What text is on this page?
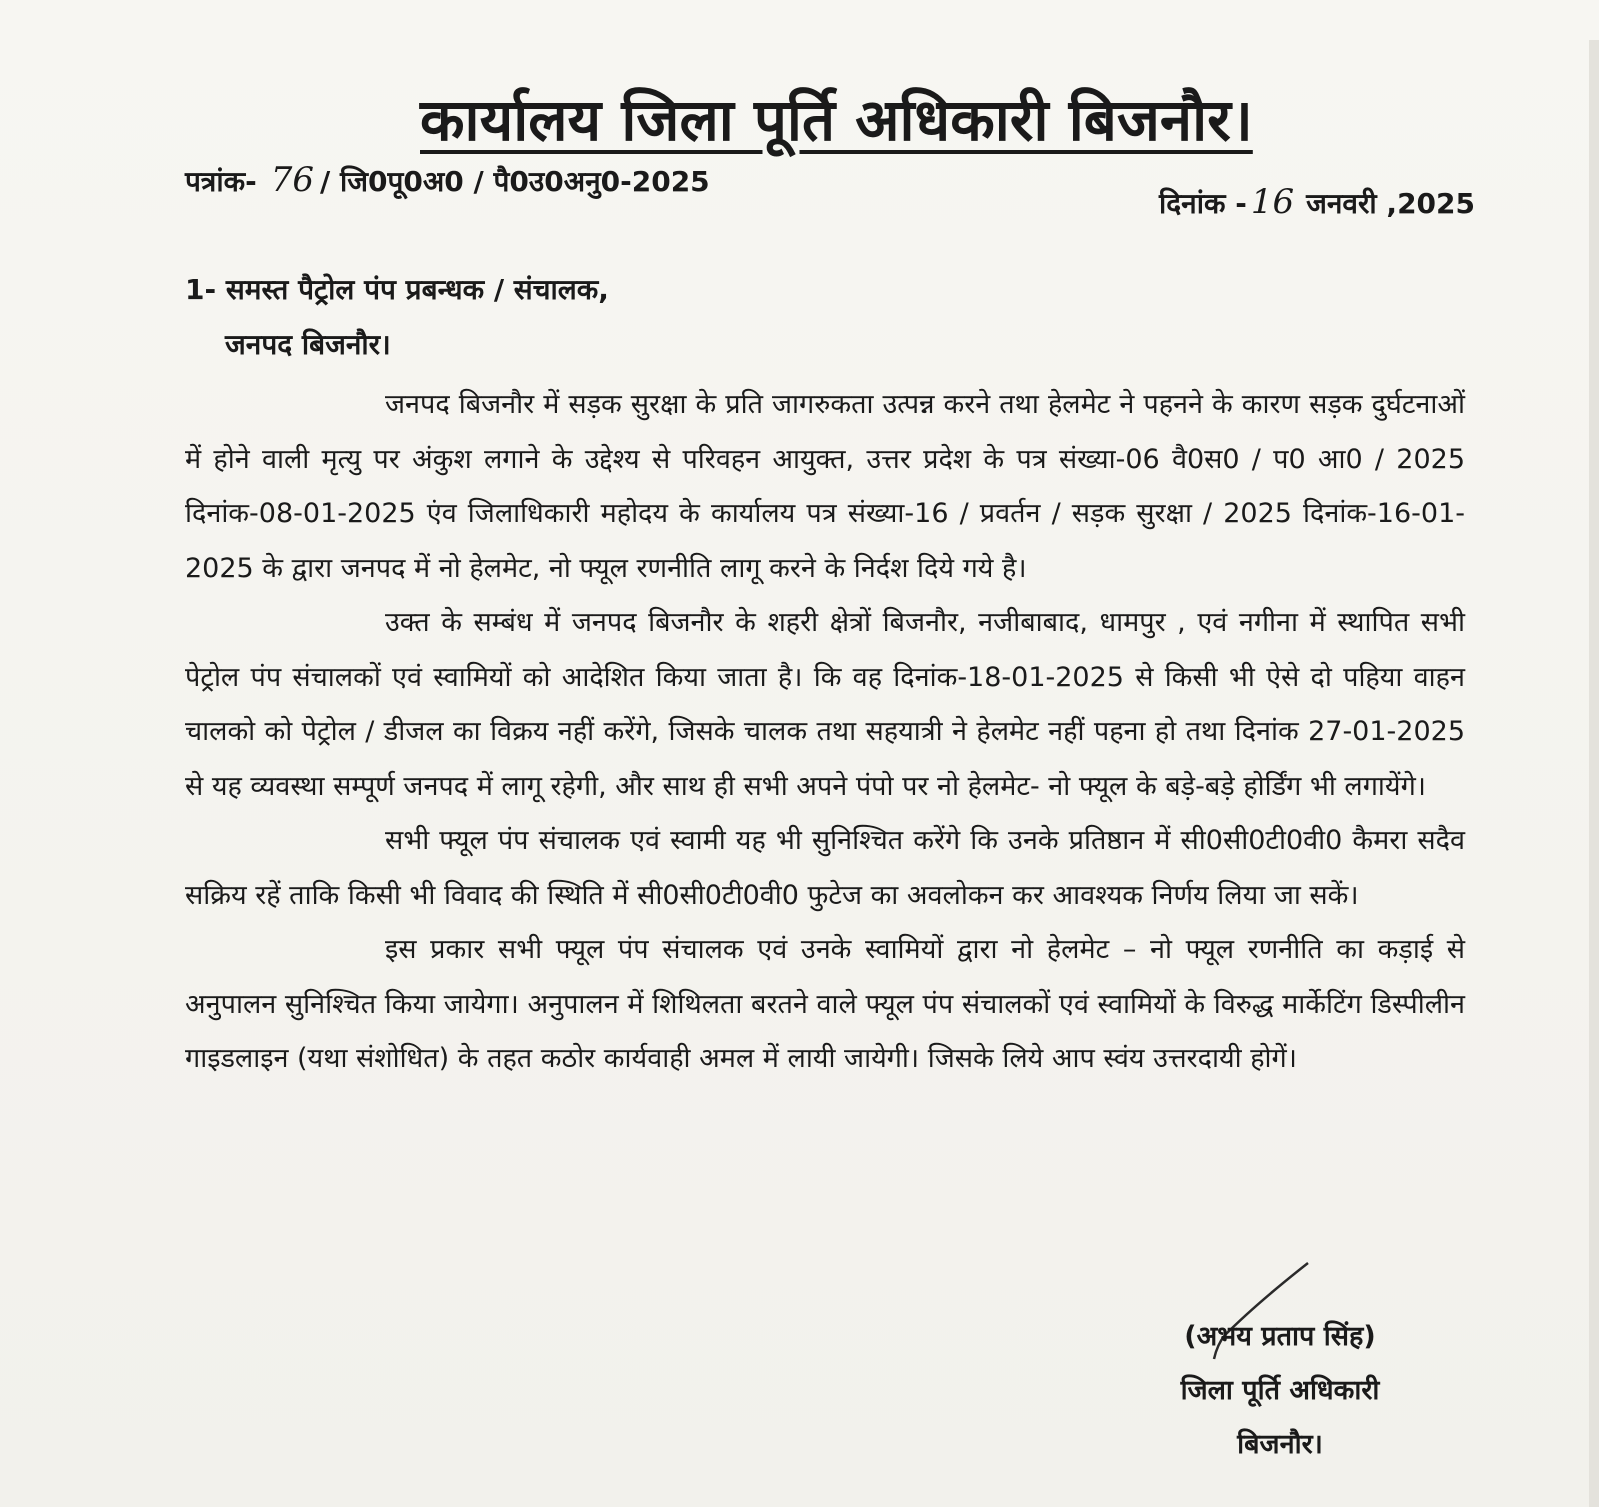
कार्यालय जिला पूर्ति अधिकारी बिजनौर।
पत्रांक- 76 / जि0पू0अ0 / पै0उ0अनु0-2025
दिनांक - 16 जनवरी ,2025
1- समस्त पैट्रोल पंप प्रबन्धक / संचालक,
जनपद बिजनौर।

जनपद बिजनौर में सड़क सुरक्षा के प्रति जागरुकता उत्पन्न करने तथा हेलमेट ने पहनने के कारण सड़क दुर्घटनाओं में होने वाली मृत्यु पर अंकुश लगाने के उद्देश्य से परिवहन आयुक्त, उत्तर प्रदेश के पत्र संख्या-06 वै0स0 / प0 आ0 / 2025 दिनांक-08-01-2025 एंव जिलाधिकारी महोदय के कार्यालय पत्र संख्या-16 / प्रवर्तन / सड़क सुरक्षा / 2025 दिनांक-16-01-2025 के द्वारा जनपद में नो हेलमेट, नो फ्यूल रणनीति लागू करने के निर्दश दिये गये है।

उक्त के सम्बंध में जनपद बिजनौर के शहरी क्षेत्रों बिजनौर, नजीबाबाद, धामपुर , एवं नगीना में स्थापित सभी पेट्रोल पंप संचालकों एवं स्वामियों को आदेशित किया जाता है। कि वह दिनांक-18-01-2025 से किसी भी ऐसे दो पहिया वाहन चालको को पेट्रोल / डीजल का विक्रय नहीं करेंगे, जिसके चालक तथा सहयात्री ने हेलमेट नहीं पहना हो तथा दिनांक 27-01-2025 से यह व्यवस्था सम्पूर्ण जनपद में लागू रहेगी, और साथ ही सभी अपने पंपो पर नो हेलमेट- नो फ्यूल के बड़े-बड़े होर्डिंग भी लगायेंगे।

सभी फ्यूल पंप संचालक एवं स्वामी यह भी सुनिश्चित करेंगे कि उनके प्रतिष्ठान में सी0सी0टी0वी0 कैमरा सदैव सक्रिय रहें ताकि किसी भी विवाद की स्थिति में सी0सी0टी0वी0 फुटेज का अवलोकन कर आवश्यक निर्णय लिया जा सकें।

इस प्रकार सभी फ्यूल पंप संचालक एवं उनके स्वामियों द्वारा नो हेलमेट – नो फ्यूल रणनीति का कड़ाई से अनुपालन सुनिश्चित किया जायेगा। अनुपालन में शिथिलता बरतने वाले फ्यूल पंप संचालकों एवं स्वामियों के विरुद्ध मार्केटिंग डिस्पीलीन गाइडलाइन (यथा संशोधित) के तहत कठोर कार्यवाही अमल में लायी जायेगी। जिसके लिये आप स्वंय उत्तरदायी होगें।

(अभय प्रताप सिंह)
जिला पूर्ति अधिकारी
बिजनौर।
